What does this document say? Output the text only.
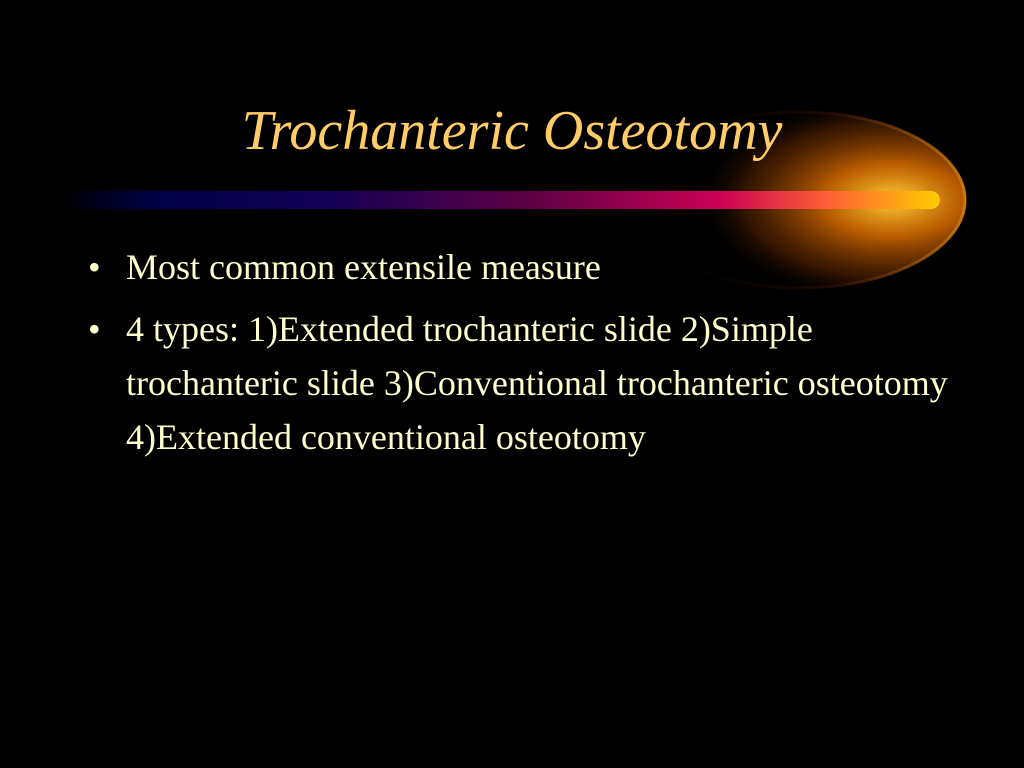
Trochanteric Osteotomy
• Most common extensile measure
• 4 types: 1)Extended trochanteric slide 2)Simple trochanteric slide 3)Conventional trochanteric osteotomy 4)Extended conventional osteotomy
